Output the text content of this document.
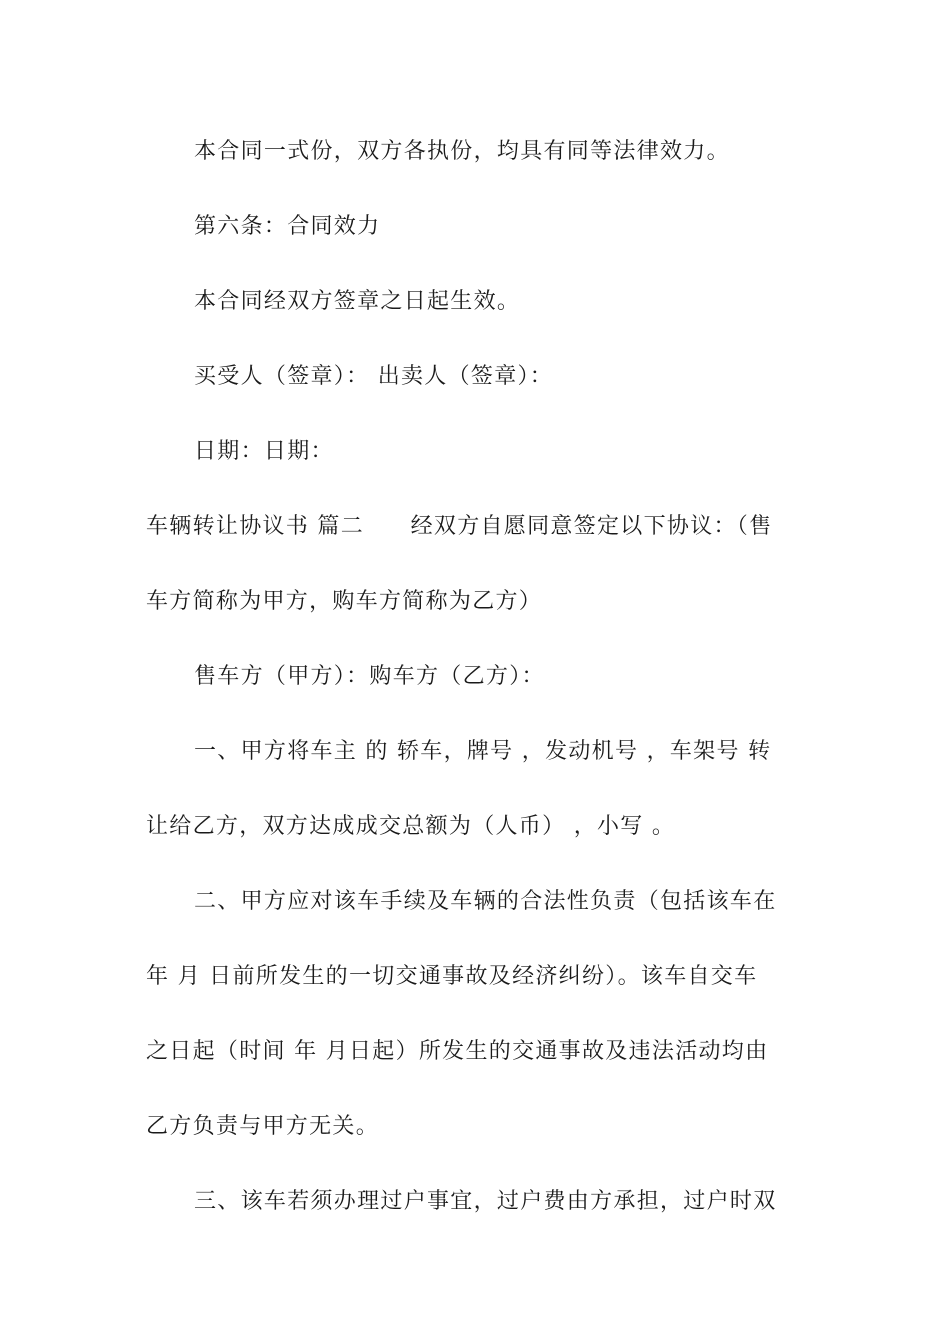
本合同一式份，双方各执份，均具有同等法律效力。
第六条：合同效力
本合同经双方签章之日起生效。
买受人（签章）： 出卖人（签章）：
日期：日期：
车辆转让协议书 篇二　　经双方自愿同意签定以下协议：（售
车方简称为甲方，购车方简称为乙方）
售车方（甲方）：购车方（乙方）：
一、甲方将车主 的 轿车，牌号 ，发动机号 ，车架号 转
让给乙方，双方达成成交总额为（人币） ，小写 。
二、甲方应对该车手续及车辆的合法性负责（包括该车在
年 月 日前所发生的一切交通事故及经济纠纷）。该车自交车
之日起（时间 年 月日起）所发生的交通事故及违法活动均由
乙方负责与甲方无关。
三、该车若须办理过户事宜，过户费由方承担，过户时双
